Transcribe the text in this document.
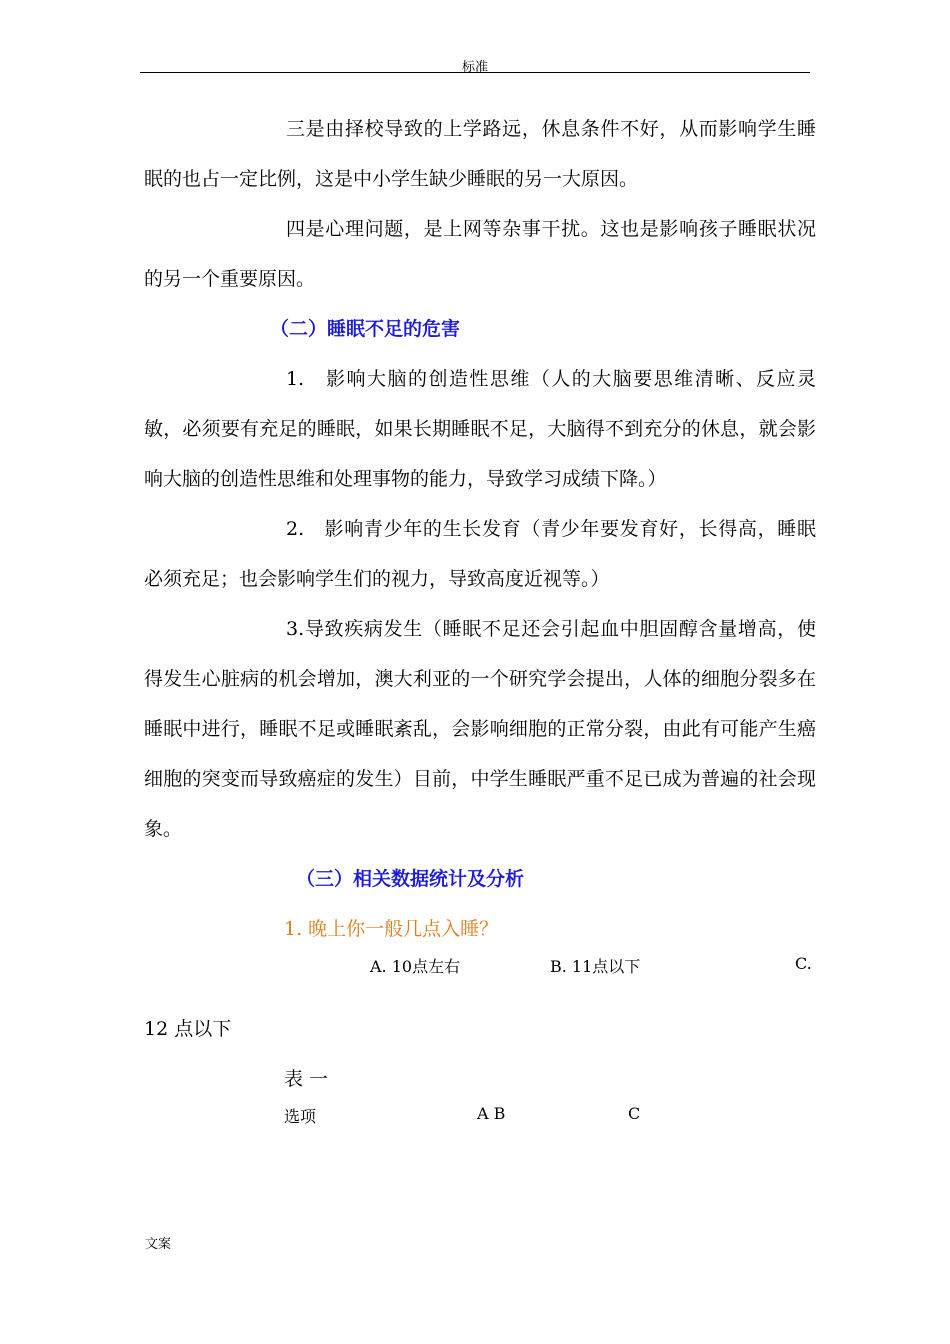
标准

三是由择校导致的上学路远，休息条件不好，从而影响学生睡眠的也占一定比例，这是中小学生缺少睡眠的另一大原因。

四是心理问题，是上网等杂事干扰。这也是影响孩子睡眠状况的另一个重要原因。

（二）睡眠不足的危害

1.　影响大脑的创造性思维（人的大脑要思维清晰、反应灵敏，必须要有充足的睡眠，如果长期睡眠不足，大脑得不到充分的休息，就会影响大脑的创造性思维和处理事物的能力，导致学习成绩下降。）

2.　影响青少年的生长发育（青少年要发育好，长得高，睡眠必须充足；也会影响学生们的视力，导致高度近视等。）

3.导致疾病发生（睡眠不足还会引起血中胆固醇含量增高，使得发生心脏病的机会增加，澳大利亚的一个研究学会提出，人体的细胞分裂多在睡眠中进行，睡眠不足或睡眠紊乱，会影响细胞的正常分裂，由此有可能产生癌细胞的突变而导致癌症的发生）目前，中学生睡眠严重不足已成为普遍的社会现象。

（三）相关数据统计及分析

1. 晚上你一般几点入睡？

A. 10点左右	B. 11点以下	C.

12 点以下

表 一

选项	A B	C
文案
